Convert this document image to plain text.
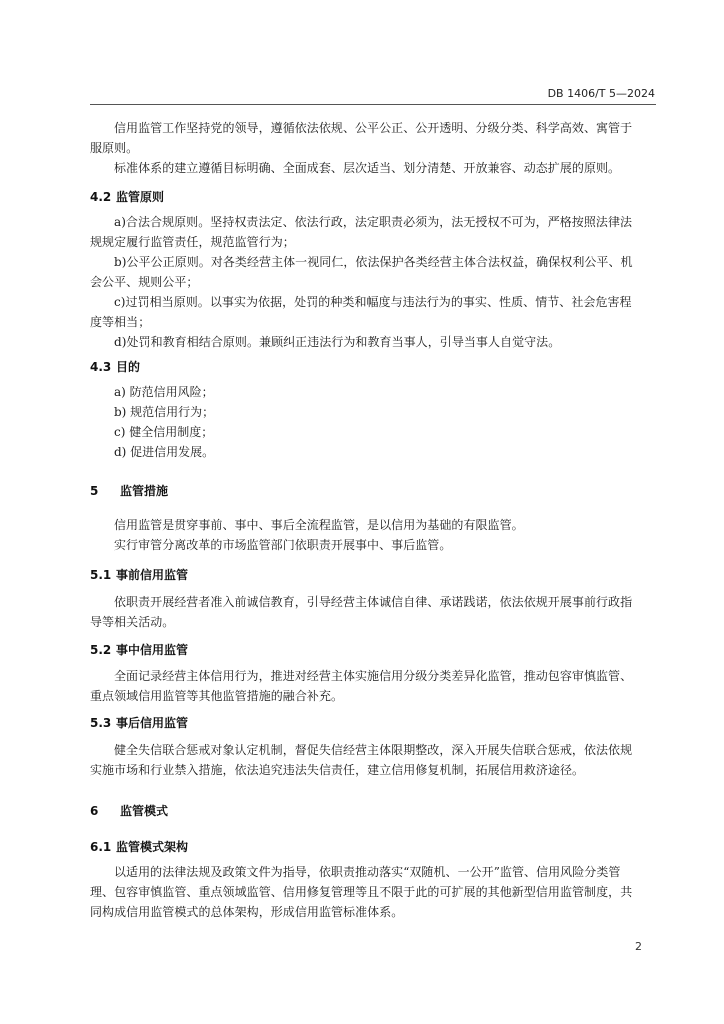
DB 1406/T 5—2024
信用监管工作坚持党的领导，遵循依法依规、公平公正、公开透明、分级分类、科学高效、寓管于
服原则。
标准体系的建立遵循目标明确、全面成套、层次适当、划分清楚、开放兼容、动态扩展的原则。
4.2 监管原则
a)合法合规原则。坚持权责法定、依法行政，法定职责必须为，法无授权不可为，严格按照法律法
规规定履行监管责任，规范监管行为；
b)公平公正原则。对各类经营主体一视同仁，依法保护各类经营主体合法权益，确保权利公平、机
会公平、规则公平；
c)过罚相当原则。以事实为依据，处罚的种类和幅度与违法行为的事实、性质、情节、社会危害程
度等相当；
d)处罚和教育相结合原则。兼顾纠正违法行为和教育当事人，引导当事人自觉守法。
4.3 目的
a) 防范信用风险；
b) 规范信用行为；
c) 健全信用制度；
d) 促进信用发展。
5 监管措施
信用监管是贯穿事前、事中、事后全流程监管，是以信用为基础的有限监管。
实行审管分离改革的市场监管部门依职责开展事中、事后监管。
5.1 事前信用监管
依职责开展经营者准入前诚信教育，引导经营主体诚信自律、承诺践诺，依法依规开展事前行政指
导等相关活动。
5.2 事中信用监管
全面记录经营主体信用行为，推进对经营主体实施信用分级分类差异化监管，推动包容审慎监管、
重点领域信用监管等其他监管措施的融合补充。
5.3 事后信用监管
健全失信联合惩戒对象认定机制，督促失信经营主体限期整改，深入开展失信联合惩戒，依法依规
实施市场和行业禁入措施，依法追究违法失信责任，建立信用修复机制，拓展信用救济途径。
6 监管模式
6.1 监管模式架构
以适用的法律法规及政策文件为指导，依职责推动落实“双随机、一公开”监管、信用风险分类管
理、包容审慎监管、重点领域监管、信用修复管理等且不限于此的可扩展的其他新型信用监管制度，共
同构成信用监管模式的总体架构，形成信用监管标准体系。
2
